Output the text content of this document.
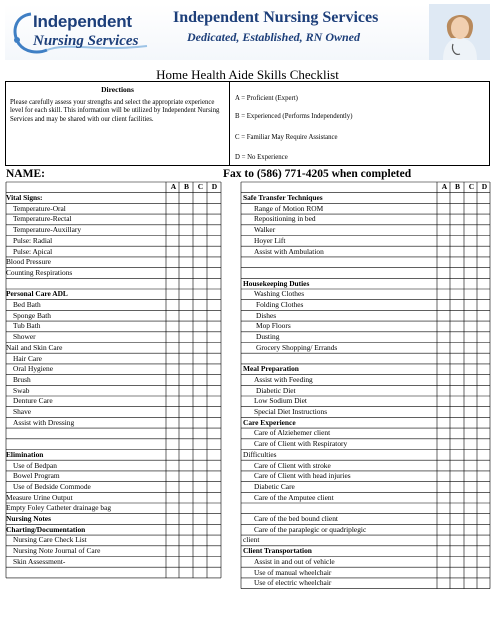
Independent
Nursing Services
Independent Nursing Services
Dedicated, Established, RN Owned
Home Health Aide Skills Checklist
Directions
Please carefully assess your strengths and select the appropriate experience level for each skill. This information will be utilized by Independent Nursing Services and may be shared with our client facilities.
A = Proficient (Expert)
B = Experienced (Performs Independently)
C = Familiar May Require Assistance
D = No Experience
NAME:	Fax to (586) 771-4205 when completed
A	B	C	D	A	B	C	D
Vital Signs:
Temperature-Oral
Temperature-Rectal
Temperature-Auxillary
Pulse: Radial
Pulse: Apical
Blood Pressure
Counting Respirations
Personal Care ADL
Bed Bath
Sponge Bath
Tub Bath
Shower
Nail and Skin Care
Hair Care
Oral Hygiene
Brush
Swab
Denture Care
Shave
Assist with Dressing
Elimination
Use of Bedpan
Bowel Program
Use of Bedside Commode
Measure Urine Output
Empty Foley Catheter drainage bag
Nursing Notes
Charting/Documentation
Nursing Care Check List
Nursing Note Journal of Care
Skin Assessment-
Safe Transfer Techniques
Range of Motion ROM
Repositioning in bed
Walker
Hoyer Lift
Assist with Ambulation
Housekeeping Duties
Washing Clothes
Folding Clothes
Dishes
Mop Floors
Dusting
Grocery Shopping/ Errands
Meal Preparation
Assist with Feeding
Diabetic Diet
Low Sodium Diet
Special Diet Instructions
Care Experience
Care of Alziehemer client
Care of Client with Respiratory
Difficulties
Care of Client with stroke
Care of Client with head injuries
Diabetic Care
Care of the Amputee client
Care of the bed bound client
Care of the paraplegic or quadriplegic
client
Client Transportation
Assist in and out of vehicle
Use of manual wheelchair
Use of electric wheelchair
